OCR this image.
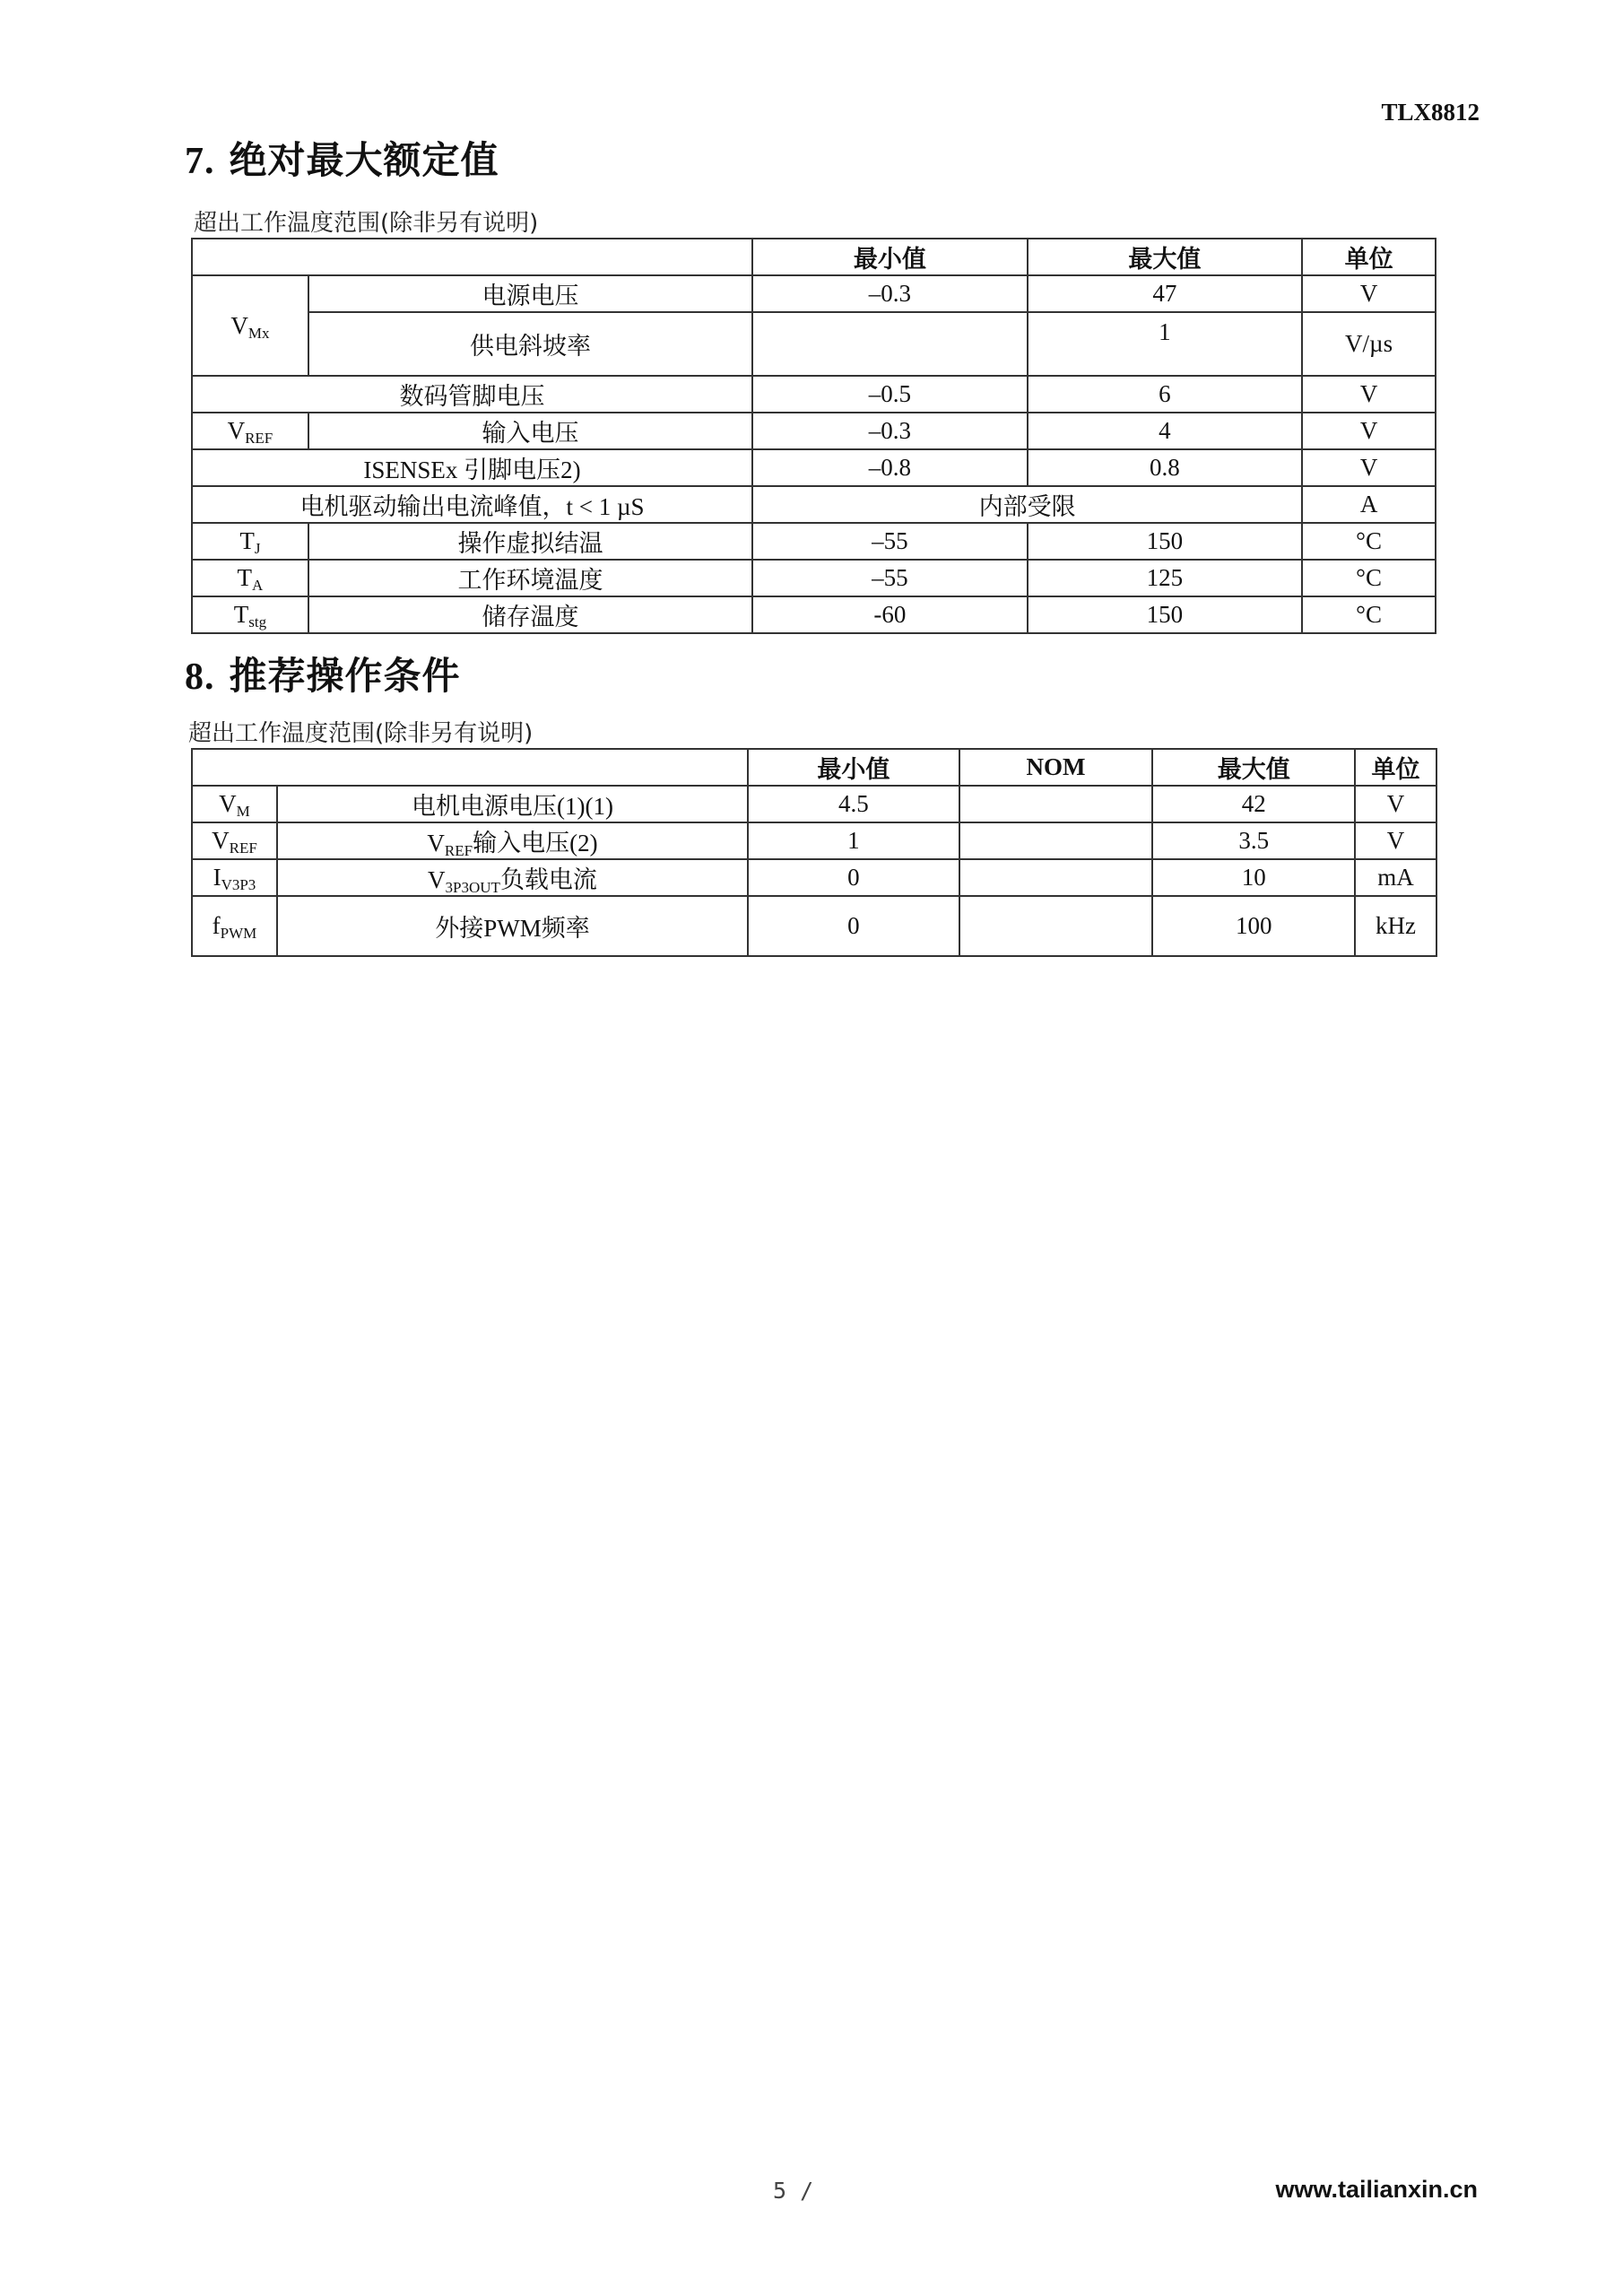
TLX8812
7. 绝对最大额定值
超出工作温度范围(除非另有说明)
		最小值	最大值	单位
$V_{Mx}$	电源电压	–0.3	47	V
	供电斜坡率		1	V/µs
数码管脚电压		–0.5	6	V
$V_{REF}$	输入电压	–0.3	4	V
ISENSEx 引脚电压2)		–0.8	0.8	V
电机驱动输出电流峰值，t < 1 µS		内部受限		A
$T_J$	操作虚拟结温	–55	150	°C
$T_A$	工作环境温度	–55	125	°C
$T_{stg}$	储存温度	-60	150	°C
8. 推荐操作条件
超出工作温度范围(除非另有说明)
		最小值	NOM	最大值	单位
$V_M$	电机电源电压(1)(1)	4.5		42	V
$V_{REF}$	$V_{REF}$输入电压(2)	1		3.5	V
$I_{V3P3}$	$V_{3P3OUT}$负载电流	0		10	mA
$f_{PWM}$	外接PWM频率	0		100	kHz
5 /	www.tailianxin.cn
